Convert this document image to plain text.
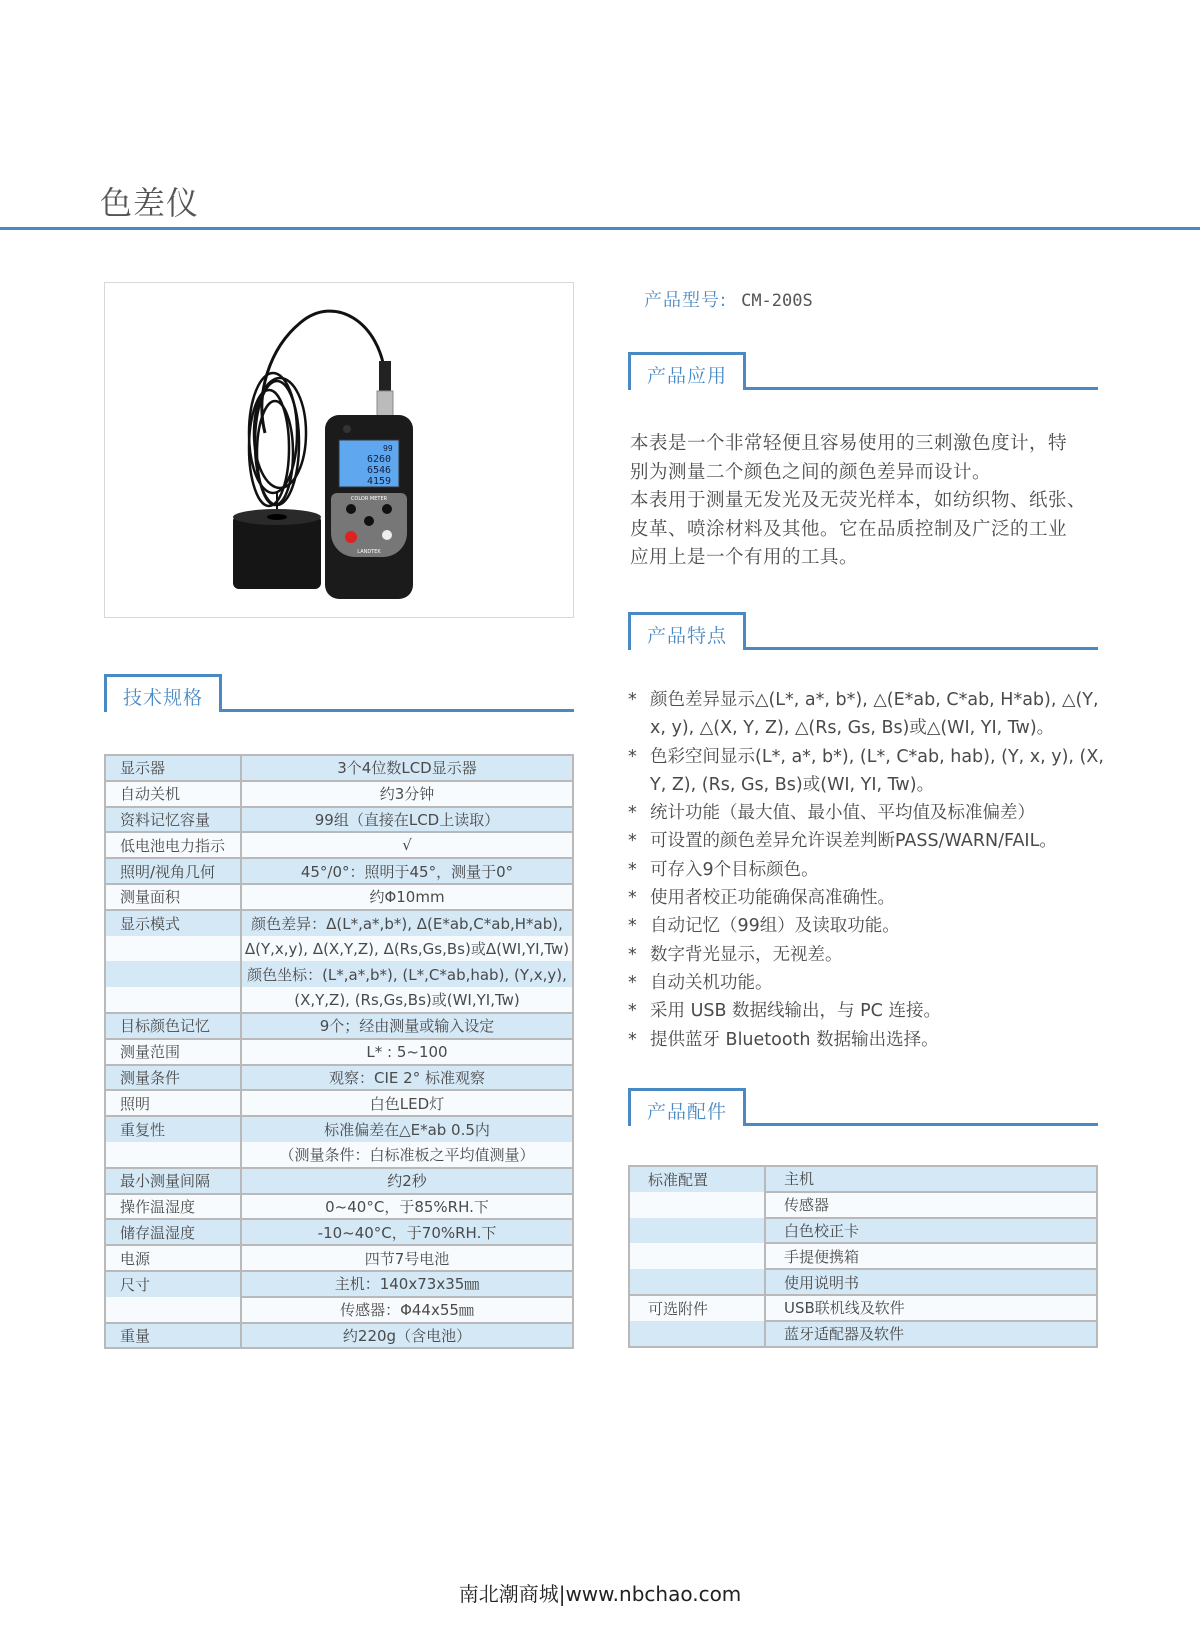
色差仪
99
6260
6546
4159
COLOR METER
LANDTEK
产品型号: CM-200S
产品应用
本表是一个非常轻便且容易使用的三刺激色度计，特
别为测量二个颜色之间的颜色差异而设计。
本表用于测量无发光及无荧光样本，如纺织物、纸张、
皮革、喷涂材料及其他。它在品质控制及广泛的工业
应用上是一个有用的工具。
产品特点
* 颜色差异显示△(L*, a*, b*), △(E*ab, C*ab, H*ab), △(Y, x, y), △(X, Y, Z), △(Rs, Gs, Bs)或△(WI, YI, Tw)。
* 色彩空间显示(L*, a*, b*), (L*, C*ab, hab), (Y, x, y), (X, Y, Z), (Rs, Gs, Bs)或(WI, YI, Tw)。
* 统计功能（最大值、最小值、平均值及标准偏差）
* 可设置的颜色差异允许误差判断PASS/WARN/FAIL。
* 可存入9个目标颜色。
* 使用者校正功能确保高准确性。
* 自动记忆（99组）及读取功能。
* 数字背光显示，无视差。
* 自动关机功能。
* 采用 USB 数据线输出，与 PC 连接。
* 提供蓝牙 Bluetooth 数据输出选择。
产品配件
标准配置	主机
	传感器
	白色校正卡
	手提便携箱
	使用说明书
可选附件	USB联机线及软件
	蓝牙适配器及软件
技术规格
显示器	3个4位数LCD显示器
自动关机	约3分钟
资料记忆容量	99组（直接在LCD上读取）
低电池电力指示	√
照明/视角几何	45°/0°：照明于45°，测量于0°
测量面积	约Φ10mm
显示模式	颜色差异：Δ(L*,a*,b*), Δ(E*ab,C*ab,H*ab),
	Δ(Y,x,y), Δ(X,Y,Z), Δ(Rs,Gs,Bs)或Δ(WI,YI,Tw)
	颜色坐标：(L*,a*,b*), (L*,C*ab,hab), (Y,x,y),
	(X,Y,Z), (Rs,Gs,Bs)或(WI,YI,Tw)
目标颜色记忆	9个；经由测量或输入设定
测量范围	L* : 5~100
测量条件	观察：CIE 2° 标准观察
照明	白色LED灯
重复性	标准偏差在△E*ab 0.5内
	（测量条件：白标准板之平均值测量）
最小测量间隔	约2秒
操作温湿度	0~40°C，于85%RH.下
储存温湿度	-10~40°C，于70%RH.下
电源	四节7号电池
尺寸	主机：140x73x35㎜
	传感器：Φ44x55㎜
重量	约220g（含电池）
南北潮商城|www.nbchao.com
